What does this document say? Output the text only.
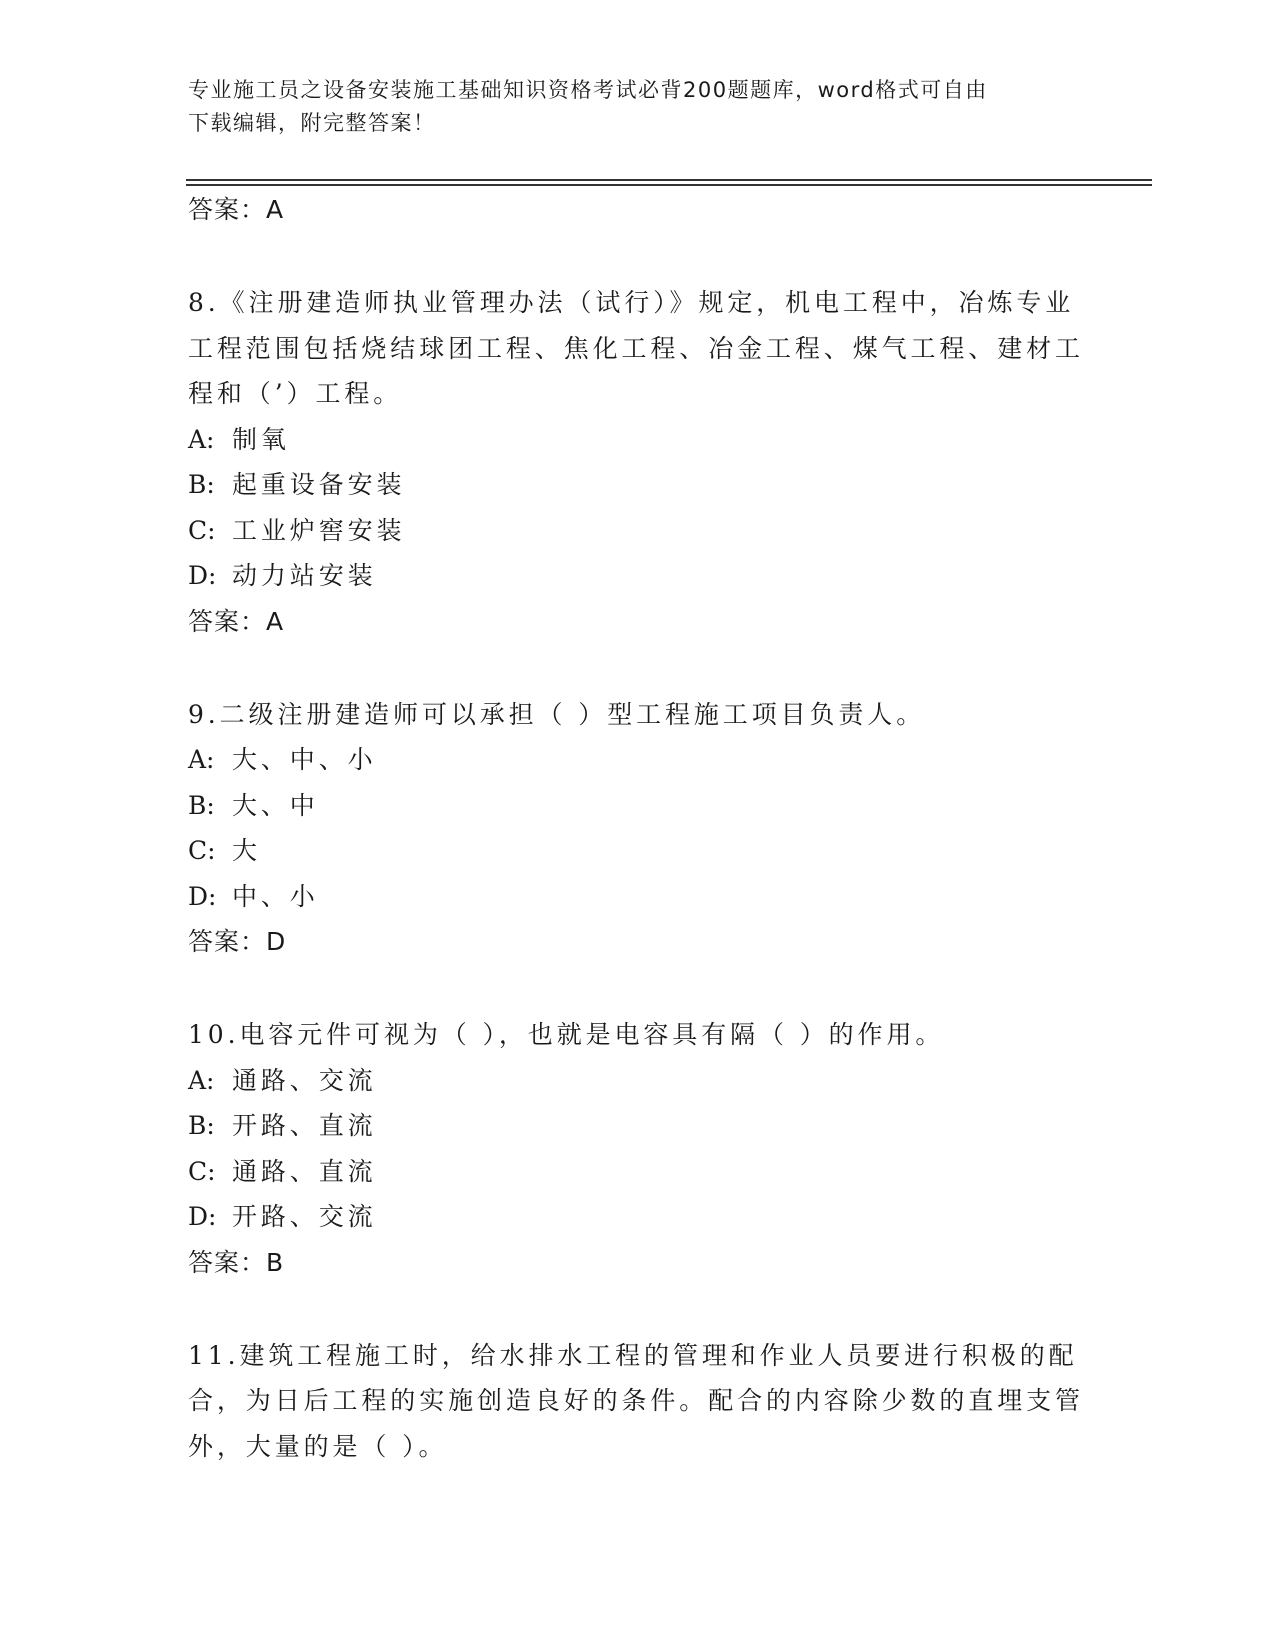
专业施工员之设备安装施工基础知识资格考试必背200题题库，word格式可自由
下载编辑，附完整答案！
答案：A
8.《注册建造师执业管理办法（试行）》规定，机电工程中，冶炼专业工程范围包括烧结球团工程、焦化工程、冶金工程、煤气工程、建材工程和（’）工程。
A: 制氧
B: 起重设备安装
C: 工业炉窖安装
D: 动力站安装
答案：A
9.二级注册建造师可以承担（ ）型工程施工项目负责人。
A: 大、中、小
B: 大、中
C: 大
D: 中、小
答案：D
10.电容元件可视为（ ），也就是电容具有隔（ ）的作用。
A: 通路、交流
B: 开路、直流
C: 通路、直流
D: 开路、交流
答案：B
11.建筑工程施工时，给水排水工程的管理和作业人员要进行积极的配合，为日后工程的实施创造良好的条件。配合的内容除少数的直埋支管外，大量的是（ ）。
